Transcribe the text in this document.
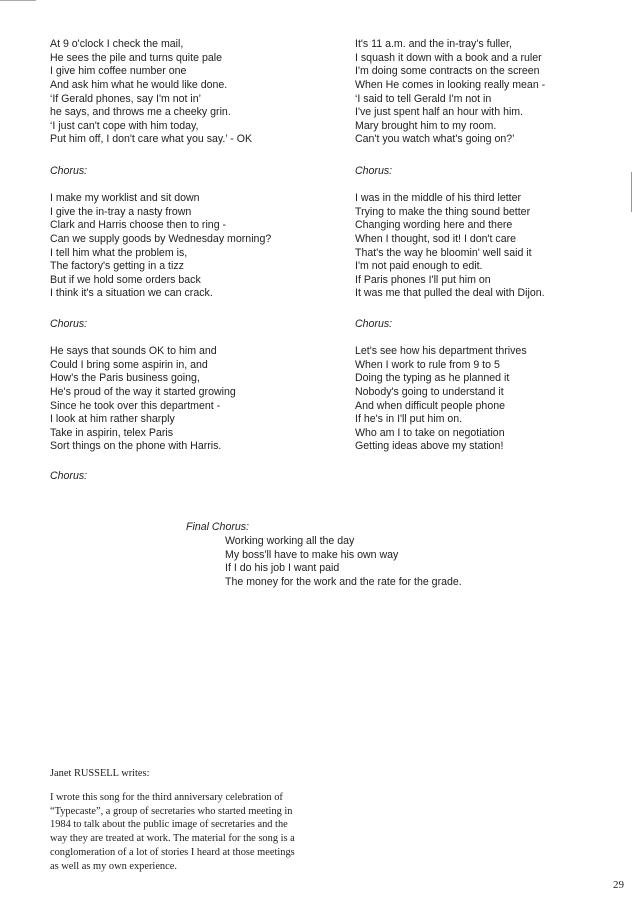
At 9 o'clock I check the mail,
He sees the pile and turns quite pale
I give him coffee number one
And ask him what he would like done.
‘If Gerald phones, say I'm not in’
he says, and throws me a cheeky grin.
‘I just can't cope with him today,
Put him off, I don't care what you say.’ - OK
Chorus:
I make my worklist and sit down
I give the in-tray a nasty frown
Clark and Harris choose then to ring -
Can we supply goods by Wednesday morning?
I tell him what the problem is,
The factory's getting in a tizz
But if we hold some orders back
I think it's a situation we can crack.
Chorus:
He says that sounds OK to him and
Could I bring some aspirin in, and
How's the Paris business going,
He's proud of the way it started growing
Since he took over this department -
I look at him rather sharply
Take in aspirin, telex Paris
Sort things on the phone with Harris.
Chorus:
It's 11 a.m. and the in-tray's fuller,
I squash it down with a book and a ruler
I'm doing some contracts on the screen
When He comes in looking really mean -
‘I said to tell Gerald I'm not in
I've just spent half an hour with him.
Mary brought him to my room.
Can't you watch what's going on?’
Chorus:
I was in the middle of his third letter
Trying to make the thing sound better
Changing wording here and there
When I thought, sod it! I don't care
That's the way he bloomin' well said it
I'm not paid enough to edit.
If Paris phones I'll put him on
It was me that pulled the deal with Dijon.
Chorus:
Let's see how his department thrives
When I work to rule from 9 to 5
Doing the typing as he planned it
Nobody's going to understand it
And when difficult people phone
If he's in I'll put him on.
Who am I to take on negotiation
Getting ideas above my station!
Final Chorus:
Working working all the day
My boss'll have to make his own way
If I do his job I want paid
The money for the work and the rate for the grade.
Janet RUSSELL writes:
I wrote this song for the third anniversary celebration of
“Typecaste”, a group of secretaries who started meeting in
1984 to talk about the public image of secretaries and the
way they are treated at work. The material for the song is a
conglomeration of a lot of stories I heard at those meetings
as well as my own experience.
29
